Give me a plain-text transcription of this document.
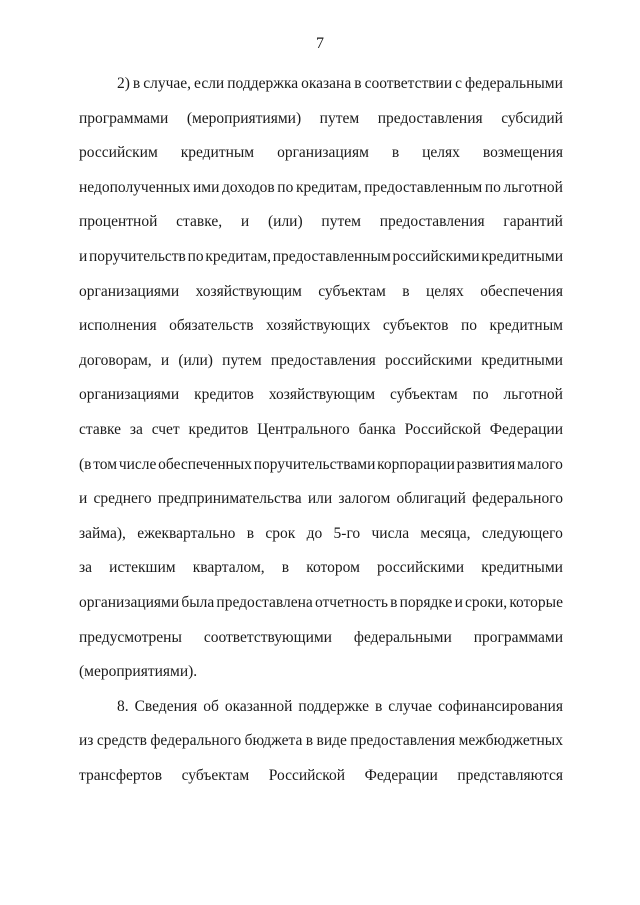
7
2) в случае, если поддержка оказана в соответствии с федеральными
программами (мероприятиями) путем предоставления субсидий
российским кредитным организациям в целях возмещения
недополученных ими доходов по кредитам, предоставленным по льготной
процентной ставке, и (или) путем предоставления гарантий
и поручительств по кредитам, предоставленным российскими кредитными
организациями хозяйствующим субъектам в целях обеспечения
исполнения обязательств хозяйствующих субъектов по кредитным
договорам, и (или) путем предоставления российскими кредитными
организациями кредитов хозяйствующим субъектам по льготной
ставке за счет кредитов Центрального банка Российской Федерации
(в том числе обеспеченных поручительствами корпорации развития малого
и среднего предпринимательства или залогом облигаций федерального
займа), ежеквартально в срок до 5-го числа месяца, следующего
за истекшим кварталом, в котором российскими кредитными
организациями была предоставлена отчетность в порядке и сроки, которые
предусмотрены соответствующими федеральными программами
(мероприятиями).
8. Сведения об оказанной поддержке в случае софинансирования
из средств федерального бюджета в виде предоставления межбюджетных
трансфертов субъектам Российской Федерации представляются
